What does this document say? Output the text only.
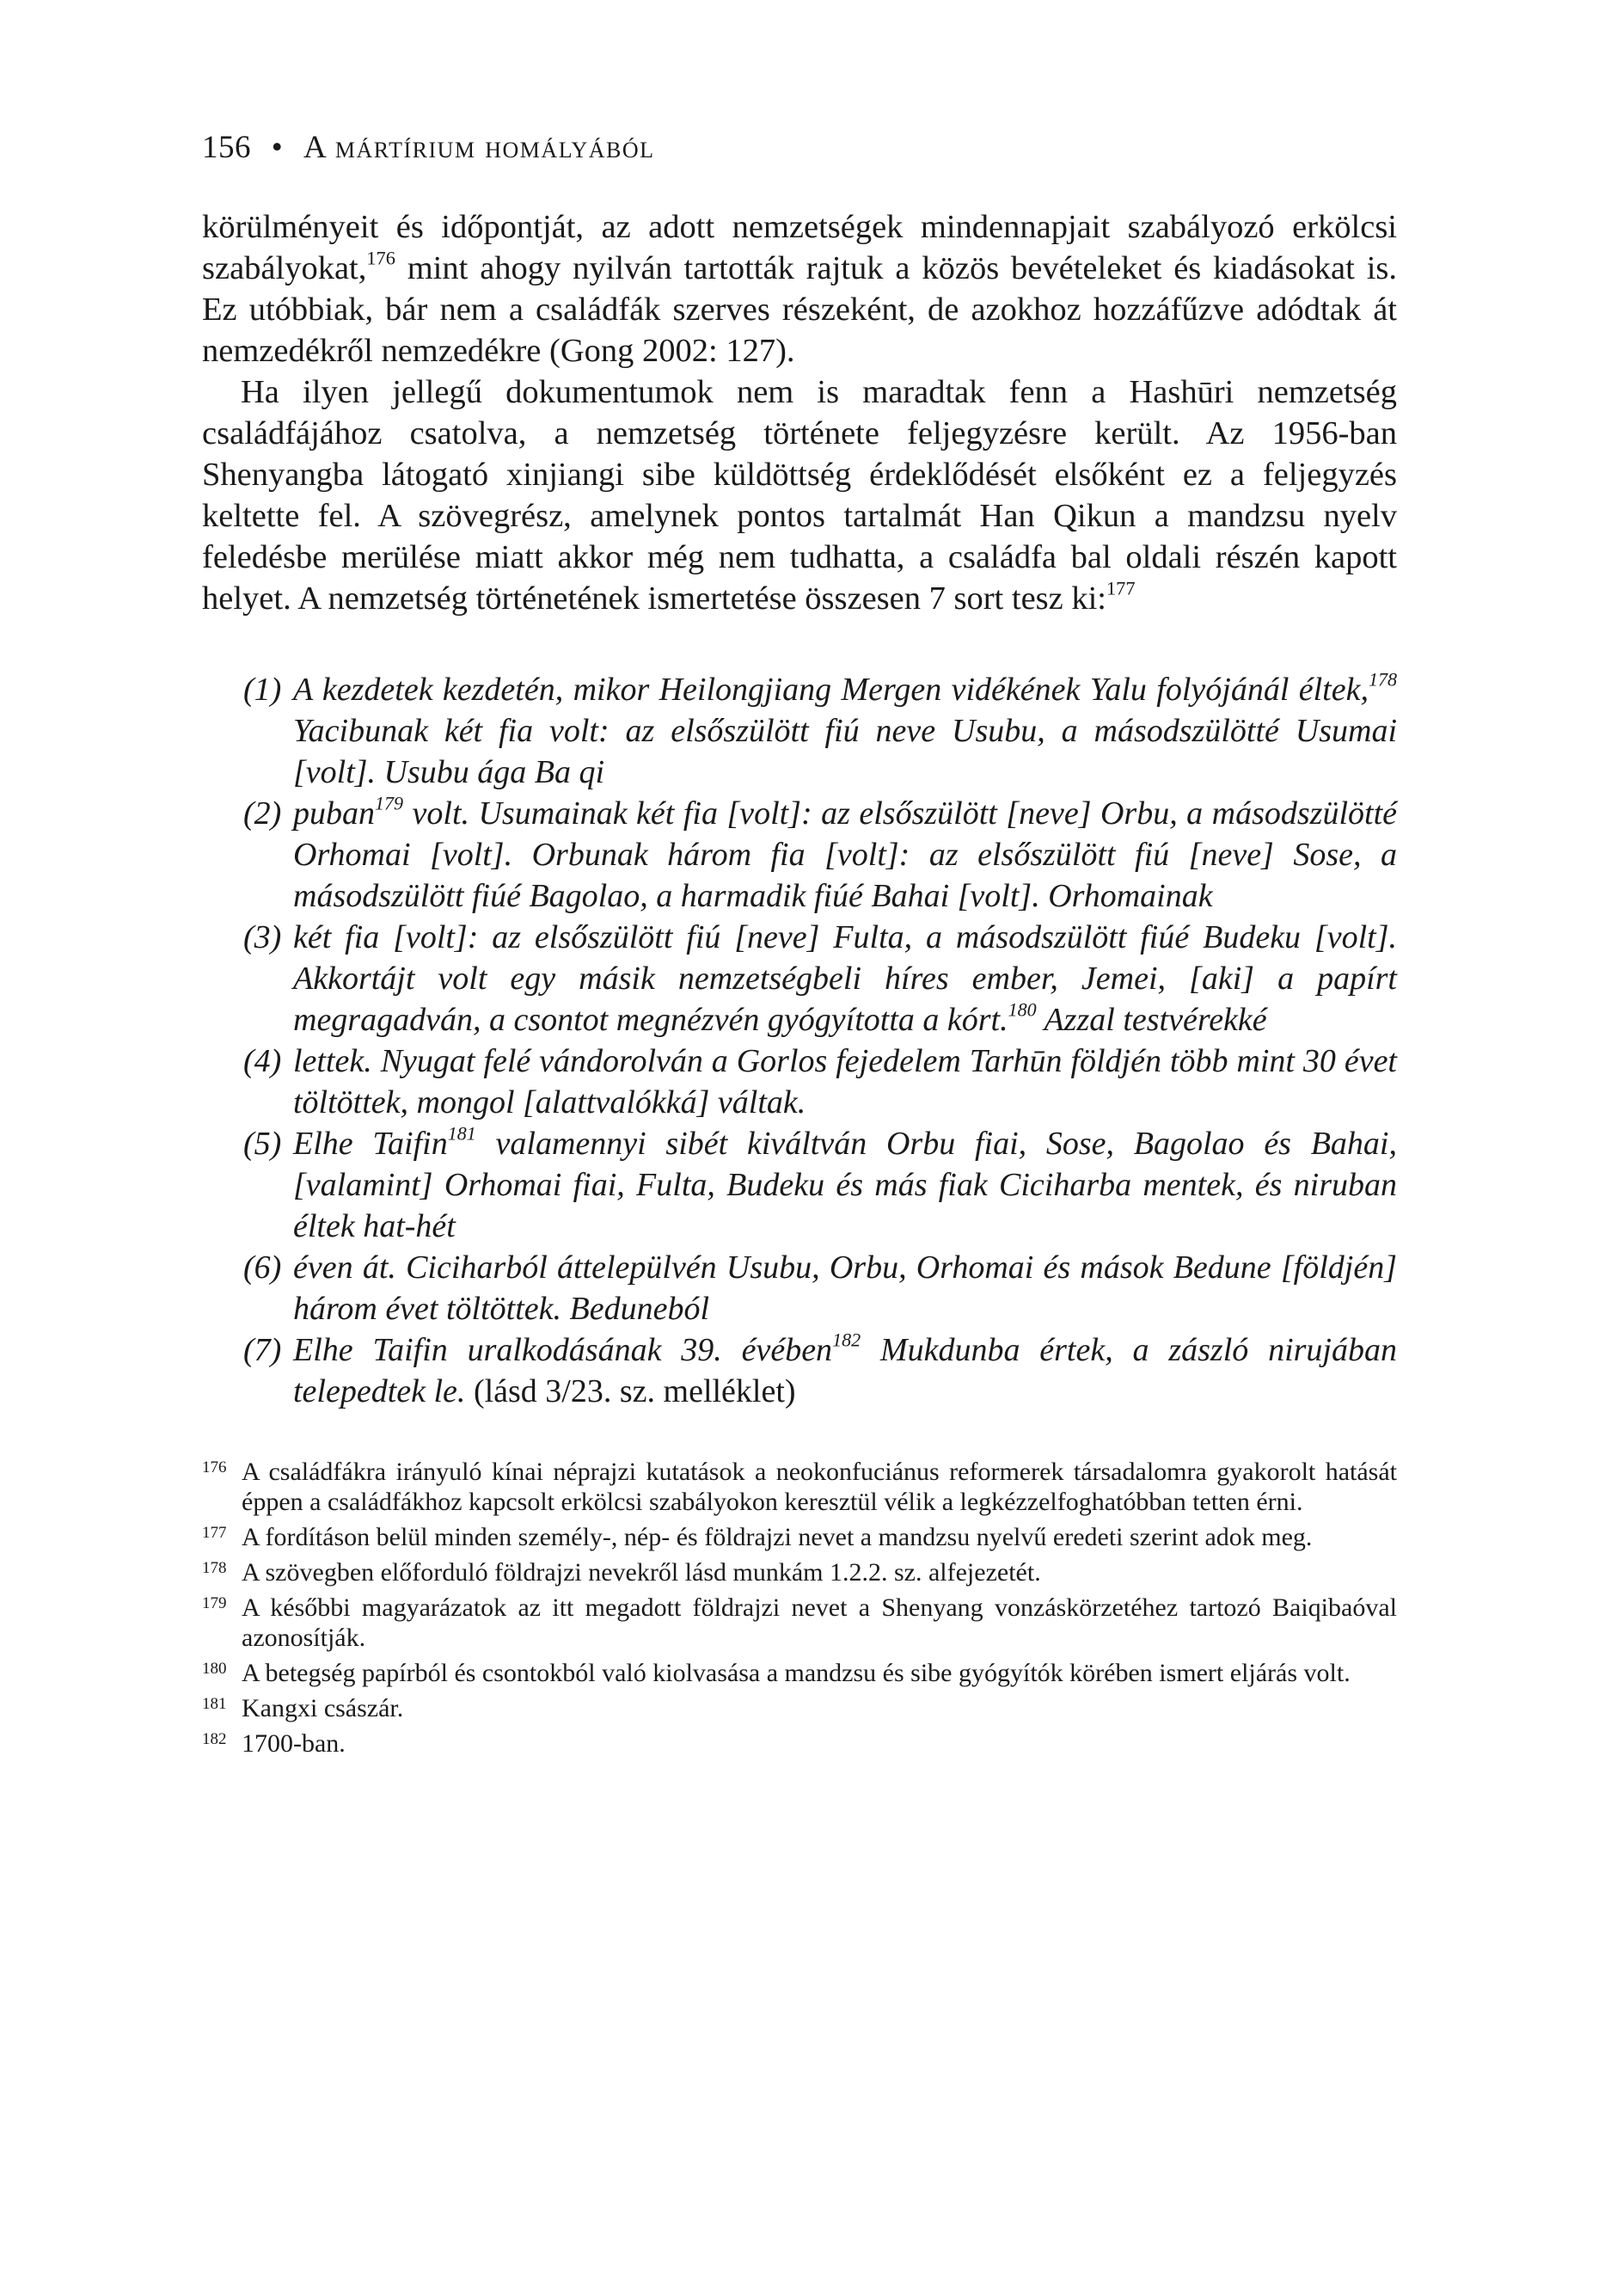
156 • A mártírium homályából

körülményeit és időpontját, az adott nemzetségek mindennapjait szabályozó erkölcsi szabályokat,$^{176}$ mint ahogy nyilván tartották rajtuk a közös bevételeket és kiadásokat is. Ez utóbbiak, bár nem a családfák szerves részeként, de azokhoz hozzáfűzve adódtak át nemzedékről nemzedékre (Gong 2002: 127).

Ha ilyen jellegű dokumentumok nem is maradtak fenn a Hashūri nemzetség családfájához csatolva, a nemzetség története feljegyzésre került. Az 1956-ban Shenyangba látogató xinjiangi sibe küldöttség érdeklődését elsőként ez a feljegyzés keltette fel. A szövegrész, amelynek pontos tartalmát Han Qikun a mandzsu nyelv feledésbe merülése miatt akkor még nem tudhatta, a családfa bal oldali részén kapott helyet. A nemzetség történetének ismertetése összesen 7 sort tesz ki:$^{177}$

(1) A kezdetek kezdetén, mikor Heilongjiang Mergen vidékének Yalu folyójánál éltek,$^{178}$ Yacibunak két fia volt: az elsőszülött fiú neve Usubu, a másodszülötté Usumai [volt]. Usubu ága Ba qi
(2) puban$^{179}$ volt. Usumainak két fia [volt]: az elsőszülött [neve] Orbu, a másodszülötté Orhomai [volt]. Orbunak három fia [volt]: az elsőszülött fiú [neve] Sose, a másodszülött fiúé Bagolao, a harmadik fiúé Bahai [volt]. Orhomainak
(3) két fia [volt]: az elsőszülött fiú [neve] Fulta, a másodszülött fiúé Budeku [volt]. Akkortájt volt egy másik nemzetségbeli híres ember, Jemei, [aki] a papírt megragadván, a csontot megnézvén gyógyította a kórt.$^{180}$ Azzal testvérekké
(4) lettek. Nyugat felé vándorolván a Gorlos fejedelem Tarhūn földjén több mint 30 évet töltöttek, mongol [alattvalókká] váltak.
(5) Elhe Taifin$^{181}$ valamennyi sibét kiváltván Orbu fiai, Sose, Bagolao és Bahai, [valamint] Orhomai fiai, Fulta, Budeku és más fiak Ciciharba mentek, és niruban éltek hat-hét
(6) éven át. Ciciharból áttelepülvén Usubu, Orbu, Orhomai és mások Bedune [földjén] három évet töltöttek. Beduneból
(7) Elhe Taifin uralkodásának 39. évében$^{182}$ Mukdunba értek, a zászló nirujában telepedtek le. (lásd 3/23. sz. melléklet)
176 A családfákra irányuló kínai néprajzi kutatások a neokonfuciánus reformerek társadalomra gyakorolt hatását éppen a családfákhoz kapcsolt erkölcsi szabályokon keresztül vélik a legkézzelfoghatóbban tetten érni.
177 A fordításon belül minden személy-, nép- és földrajzi nevet a mandzsu nyelvű eredeti szerint adok meg.
178 A szövegben előforduló földrajzi nevekről lásd munkám 1.2.2. sz. alfejezetét.
179 A későbbi magyarázatok az itt megadott földrajzi nevet a Shenyang vonzáskörzetéhez tartozó Baiqibaóval azonosítják.
180 A betegség papírból és csontokból való kiolvasása a mandzsu és sibe gyógyítók körében ismert eljárás volt.
181 Kangxi császár.
182 1700-ban.
